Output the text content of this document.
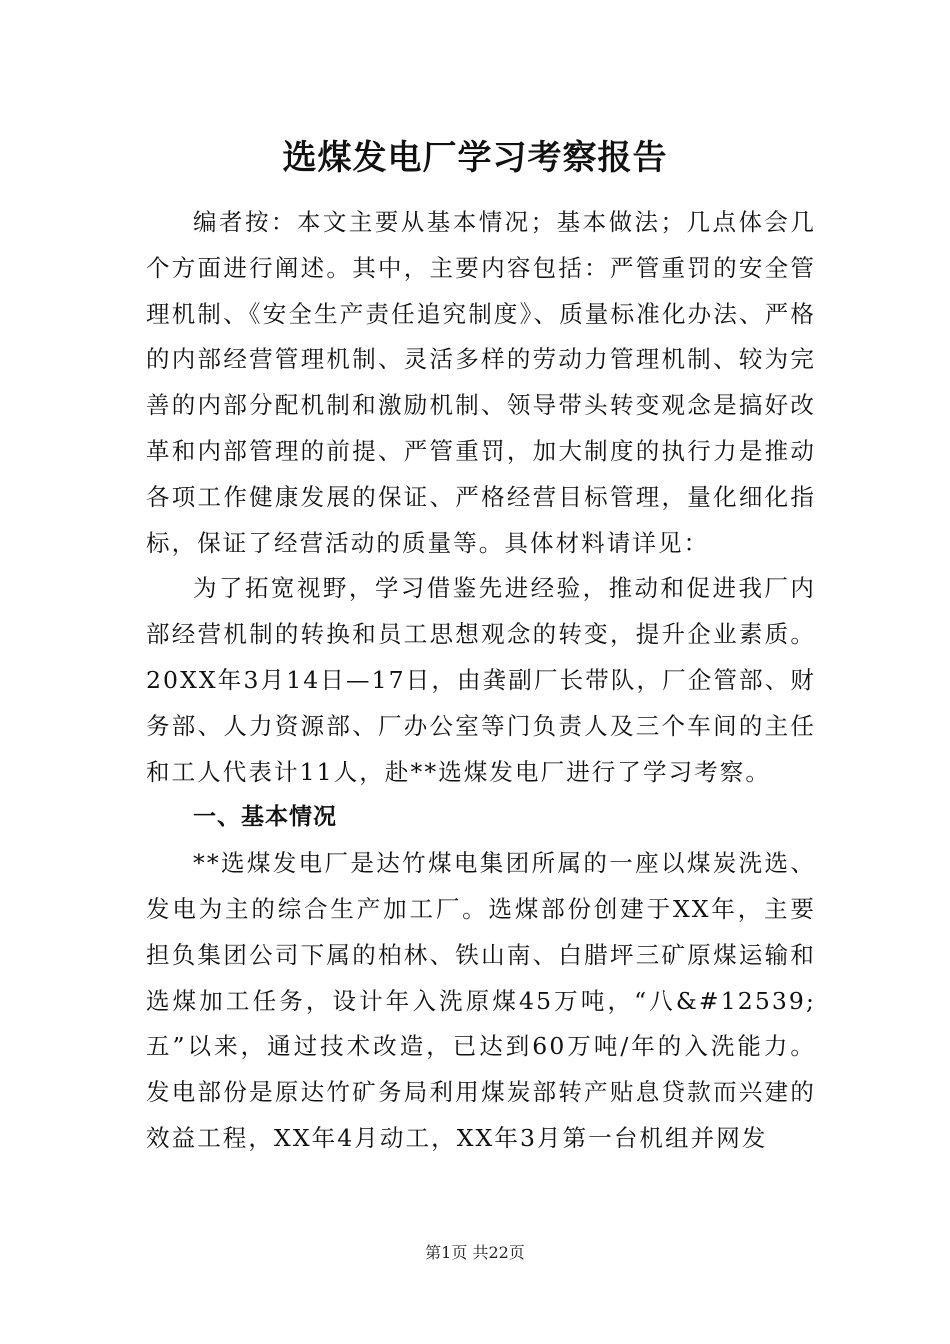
选煤发电厂学习考察报告

编者按：本文主要从基本情况；基本做法；几点体会几个方面进行阐述。其中，主要内容包括：严管重罚的安全管理机制、《安全生产责任追究制度》、质量标准化办法、严格的内部经营管理机制、灵活多样的劳动力管理机制、较为完善的内部分配机制和激励机制、领导带头转变观念是搞好改革和内部管理的前提、严管重罚，加大制度的执行力是推动各项工作健康发展的保证、严格经营目标管理，量化细化指标，保证了经营活动的质量等。具体材料请详见：

为了拓宽视野，学习借鉴先进经验，推动和促进我厂内部经营机制的转换和员工思想观念的转变，提升企业素质。20XX年3月14日—17日，由龚副厂长带队，厂企管部、财务部、人力资源部、厂办公室等门负责人及三个车间的主任和工人代表计11人，赴**选煤发电厂进行了学习考察。

一、基本情况

**选煤发电厂是达竹煤电集团所属的一座以煤炭洗选、发电为主的综合生产加工厂。选煤部份创建于XX年，主要担负集团公司下属的柏林、铁山南、白腊坪三矿原煤运输和选煤加工任务，设计年入洗原煤45万吨，“八&#12539;五”以来，通过技术改造，已达到60万吨/年的入洗能力。发电部份是原达竹矿务局利用煤炭部转产贴息贷款而兴建的效益工程，XX年4月动工，XX年3月第一台机组并网发

第1页 共22页
